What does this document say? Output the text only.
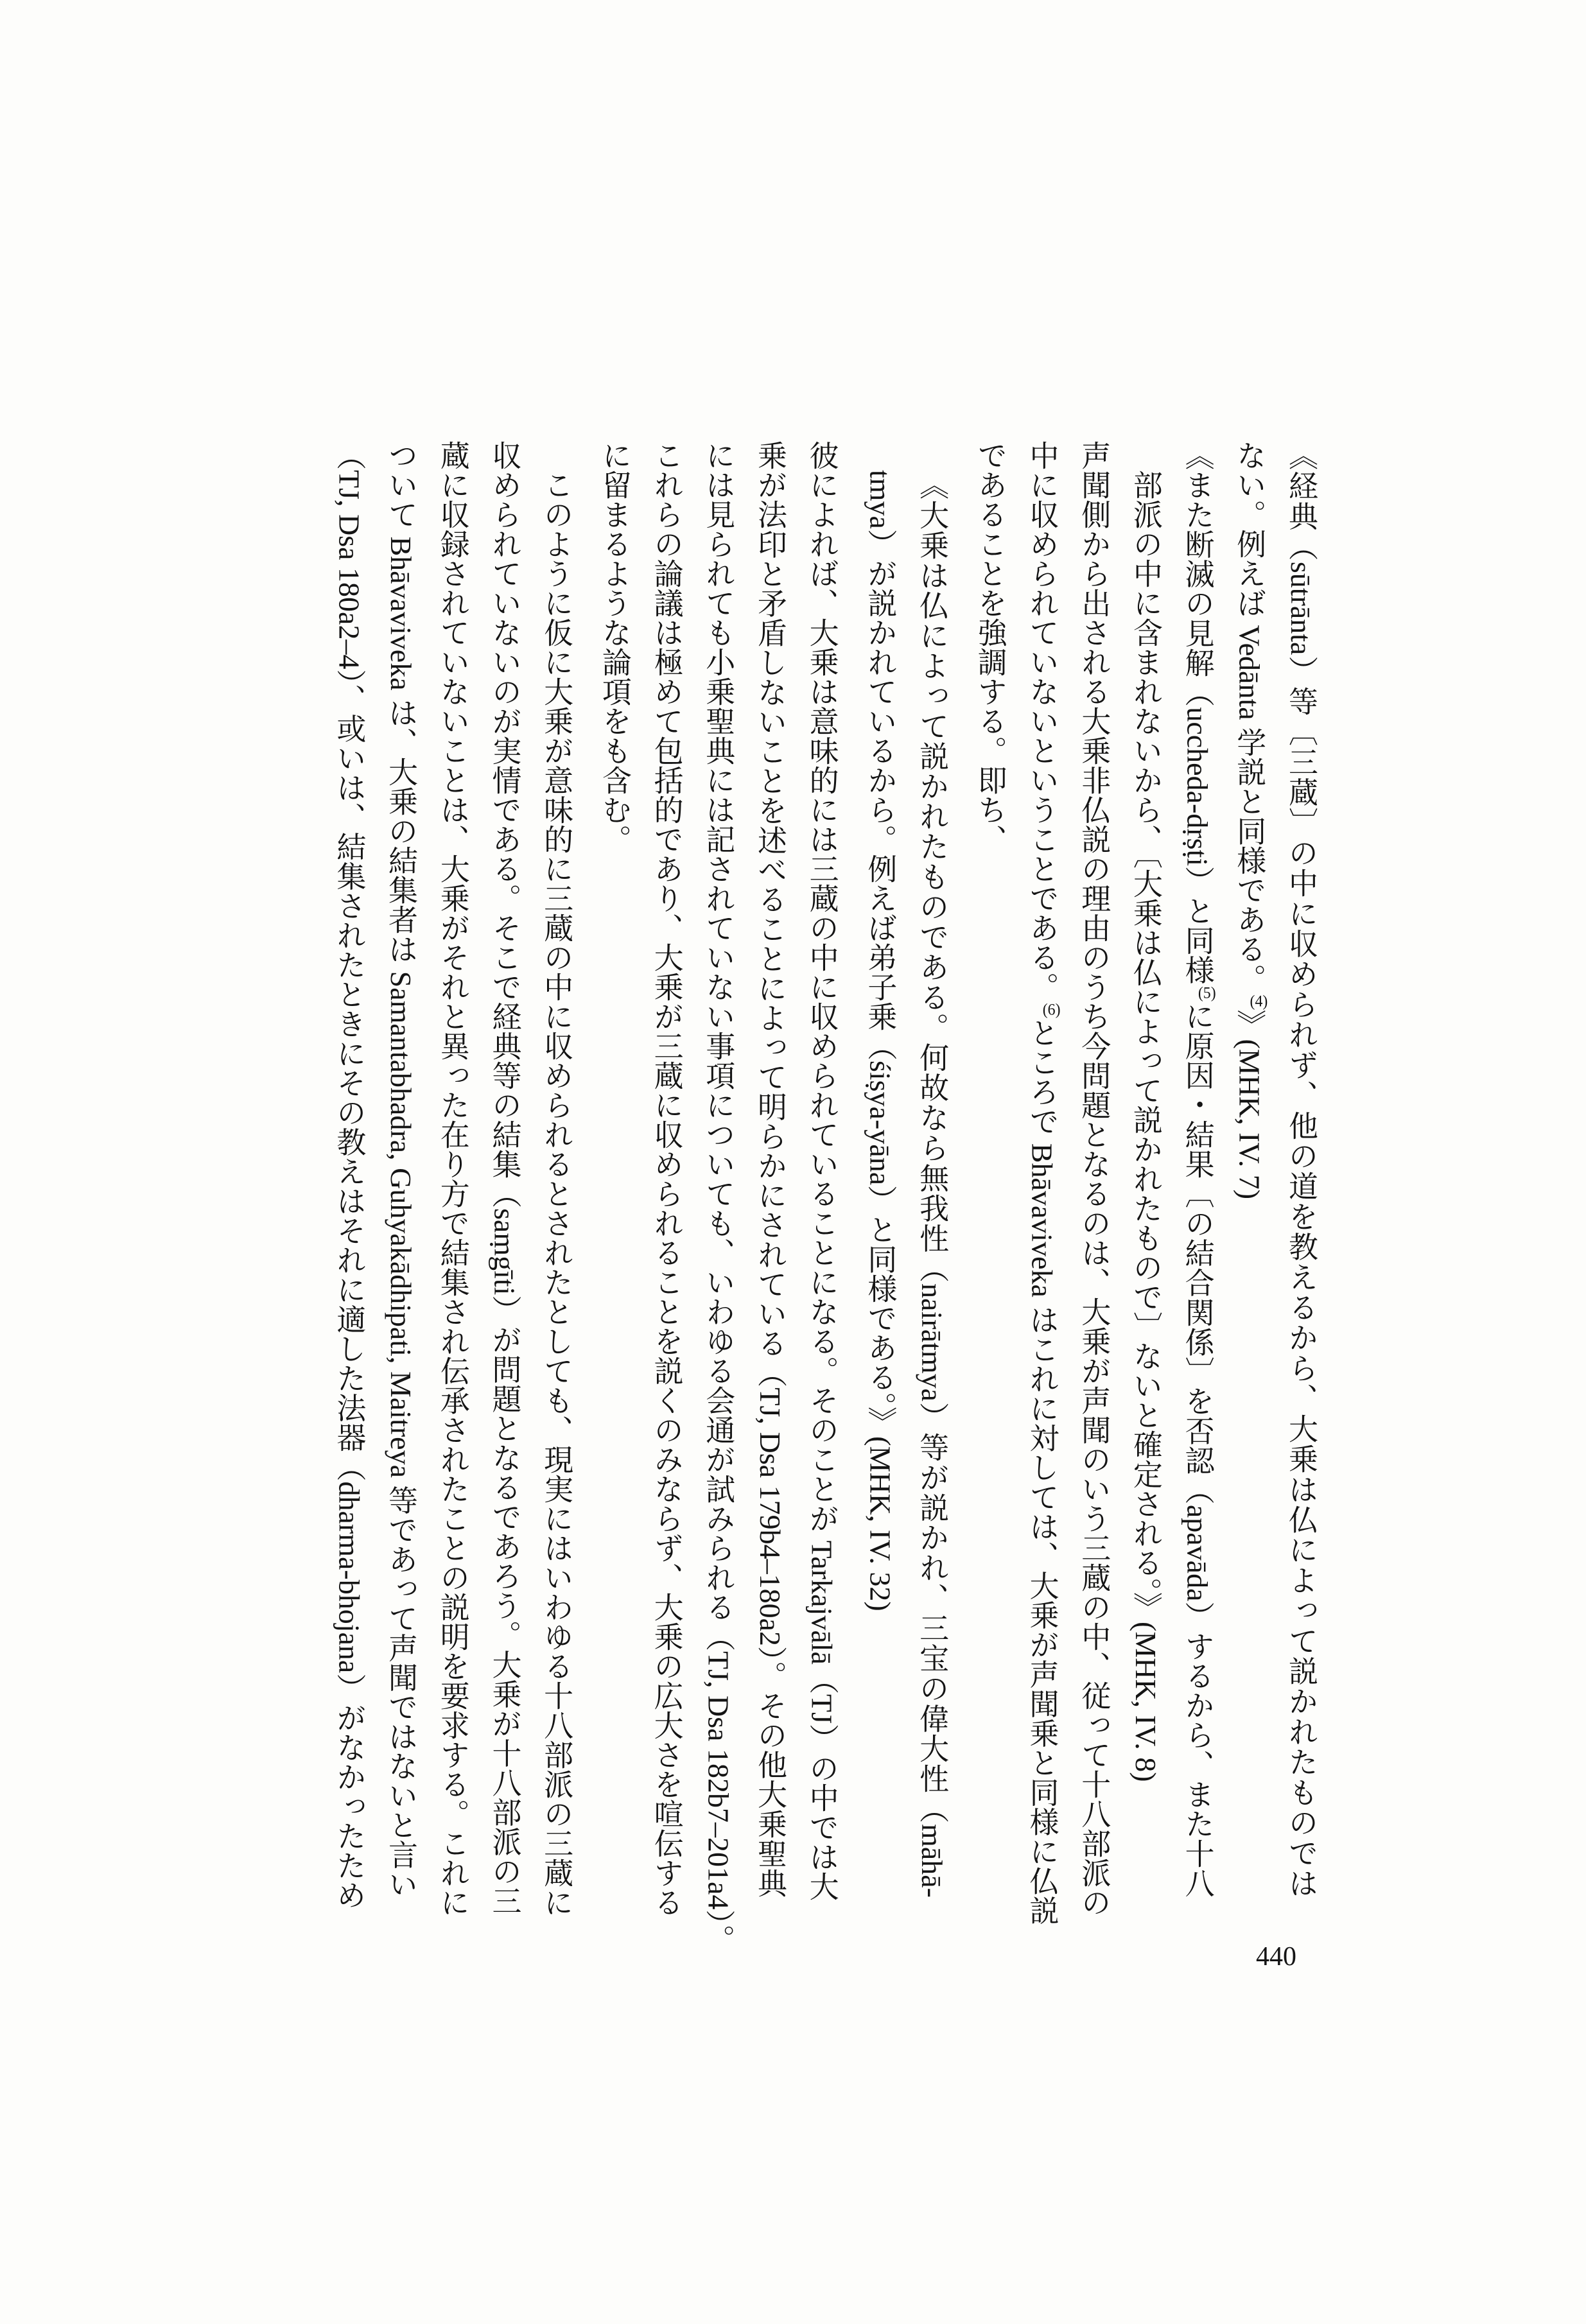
《経典（sūtrānta）等〔三蔵〕の中に収められず、他の道を教えるから、大乗は仏によって説かれたものでは
ない。例えば Vedānta 学説と同様である。(4)》(MHK, IV. 7)
《また断滅の見解（uccheda-dṛṣṭi）と同様(5)に原因・結果〔の結合関係〕を否認（apavāda）するから、また十八
部派の中に含まれないから、〔大乗は仏によって説かれたもので〕ないと確定される。》(MHK, IV. 8)
声聞側から出される大乗非仏説の理由のうち今問題となるのは、大乗が声聞のいう三蔵の中、従って十八部派の
中に収められていないということである。(6)ところで Bhāvaviveka はこれに対しては、大乗が声聞乗と同様に仏説
であることを強調する。即ち、
《大乗は仏によって説かれたものである。何故なら無我性（nairātmya）等が説かれ、三宝の偉大性（māhā-
tmya）が説かれているから。例えば弟子乗（śiṣya-yāna）と同様である。》(MHK, IV. 32)
彼によれば、大乗は意味的には三蔵の中に収められていることになる。そのことが Tarkajvālā（TJ）の中では大
乗が法印と矛盾しないことを述べることによって明らかにされている（TJ, Dsa 179b4–180a2）。その他大乗聖典
には見られても小乗聖典には記されていない事項についても、いわゆる会通が試みられる（TJ, Dsa 182b7–201a4）。
これらの論議は極めて包括的であり、大乗が三蔵に収められることを説くのみならず、大乗の広大さを喧伝する
に留まるような論項をも含む。
このように仮に大乗が意味的に三蔵の中に収められるとされたとしても、現実にはいわゆる十八部派の三蔵に
収められていないのが実情である。そこで経典等の結集（saṃgīti）が問題となるであろう。大乗が十八部派の三
蔵に収録されていないことは、大乗がそれと異った在り方で結集され伝承されたことの説明を要求する。これに
ついて Bhāvaviveka は、大乗の結集者は Samantabhadra, Guhyakādhipati, Maitreya 等であって声聞ではないと言い
（TJ, Dsa 180a2–4）、或いは、結集されたときにその教えはそれに適した法器（dharma-bhojana）がなかったため
440
